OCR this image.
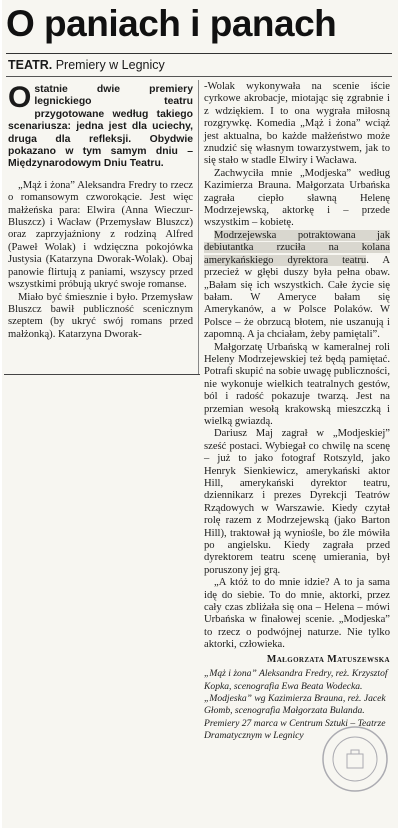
O paniach i panach
TEATR. Premiery w Legnicy
Ostatnie dwie premiery legnickiego teatru przygotowane według takiego scenariusza: jedna jest dla uciechy, druga dla refleksji. Obydwie pokazano w tym samym dniu – Międzynarodowym Dniu Teatru.

„Mąż i żona” Aleksandra Fredry to rzecz o romansowym czworokącie. Jest więc małżeńska para: Elwira (Anna Wieczur-Bluszcz) i Wacław (Przemysław Bluszcz) oraz zaprzyjaźniony z rodziną Alfred (Paweł Wolak) i wdzięczna pokojówka Justysia (Katarzyna Dworak-Wolak). Obaj panowie flirtują z paniami, wszyscy przed wszystkimi próbują ukryć swoje romanse.

Miało być śmiesznie i było. Przemysław Bluszcz bawił publiczność scenicznym szeptem (by ukryć swój romans przed małżonką). Katarzyna Dworak-

-Wolak wykonywała na scenie iście cyrkowe akrobacje, miotając się zgrabnie i z wdziękiem. I to ona wygrała miłosną rozgrywkę. Komedia „Mąż i żona” wciąż jest aktualna, bo każde małżeństwo może znudzić się własnym towarzystwem, jak to się stało w stadle Elwiry i Wacława.

Zachwyciła mnie „Modjeska” według Kazimierza Brauna. Małgorzata Urbańska zagrała ciepło sławną Helenę Modrzejewską, aktorkę i – przede wszystkim – kobietę.

Modrzejewska potraktowana jak debiutantka rzuciła na kolana amerykańskiego dyrektora teatru. A przecież w głębi duszy była pełna obaw. „Bałam się ich wszystkich. Całe życie się bałam. W Ameryce bałam się Amerykanów, a w Polsce Polaków. W Polsce – że obrzucą błotem, nie uszanują i zapomną. A ja chciałam, żeby pamiętali”.

Małgorzatę Urbańską w kameralnej roli Heleny Modrzejewskiej też będą pamiętać. Potrafi skupić na sobie uwagę publiczności, nie wykonuje wielkich teatralnych gestów, ból i radość pokazuje twarzą. Jest na przemian wesołą krakowską mieszczką i wielką gwiazdą.

Dariusz Maj zagrał w „Modjeskiej” sześć postaci. Wybiegał co chwilę na scenę – już to jako fotograf Rotszyld, jako Henryk Sienkiewicz, amerykański aktor Hill, amerykański dyrektor teatru, dziennikarz i prezes Dyrekcji Teatrów Rządowych w Warszawie. Kiedy czytał rolę razem z Modrzejewską (jako Barton Hill), traktował ją wyniośle, bo źle mówiła po angielsku. Kiedy zagrała przed dyrektorem teatru scenę umierania, był poruszony jej grą.

„A któż to do mnie idzie? A to ja sama idę do siebie. To do mnie, aktorki, przez cały czas zbliżała się ona – Helena – mówi Urbańska w finałowej scenie. „Modjeska” to rzecz o podwójnej naturze. Nie tylko aktorki, człowieka.

Małgorzata Matuszewska
„Mąż i żona” Aleksandra Fredry, reż. Krzysztof Kopka, scenografia Ewa Beata Wodecka. „Modjeska” wg Kazimierza Brauna, reż. Jacek Głomb, scenografia Małgorzata Bulanda. Premiery 27 marca w Centrum Sztuki – Teatrze Dramatycznym w Legnicy
